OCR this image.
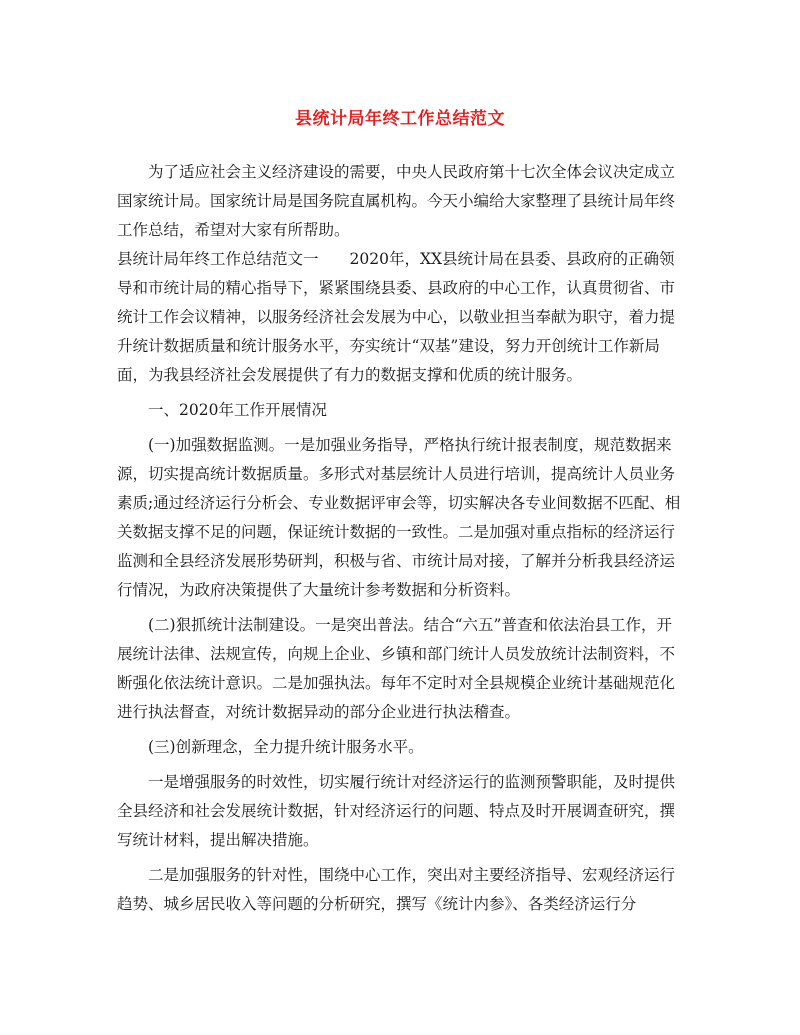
县统计局年终工作总结范文

为了适应社会主义经济建设的需要，中央人民政府第十七次全体会议决定成立国家统计局。国家统计局是国务院直属机构。今天小编给大家整理了县统计局年终工作总结，希望对大家有所帮助。

县统计局年终工作总结范文一　　2020年，XX县统计局在县委、县政府的正确领导和市统计局的精心指导下，紧紧围绕县委、县政府的中心工作，认真贯彻省、市统计工作会议精神，以服务经济社会发展为中心，以敬业担当奉献为职守，着力提升统计数据质量和统计服务水平，夯实统计“双基”建设，努力开创统计工作新局面，为我县经济社会发展提供了有力的数据支撑和优质的统计服务。

一、2020年工作开展情况

(一)加强数据监测。一是加强业务指导，严格执行统计报表制度，规范数据来源，切实提高统计数据质量。多形式对基层统计人员进行培训，提高统计人员业务素质;通过经济运行分析会、专业数据评审会等，切实解决各专业间数据不匹配、相关数据支撑不足的问题，保证统计数据的一致性。二是加强对重点指标的经济运行监测和全县经济发展形势研判，积极与省、市统计局对接，了解并分析我县经济运行情况，为政府决策提供了大量统计参考数据和分析资料。

(二)狠抓统计法制建设。一是突出普法。结合“六五”普查和依法治县工作，开展统计法律、法规宣传，向规上企业、乡镇和部门统计人员发放统计法制资料，不断强化依法统计意识。二是加强执法。每年不定时对全县规模企业统计基础规范化进行执法督查，对统计数据异动的部分企业进行执法稽查。

(三)创新理念，全力提升统计服务水平。

一是增强服务的时效性，切实履行统计对经济运行的监测预警职能，及时提供全县经济和社会发展统计数据，针对经济运行的问题、特点及时开展调查研究，撰写统计材料，提出解决措施。

二是加强服务的针对性，围绕中心工作，突出对主要经济指导、宏观经济运行趋势、城乡居民收入等问题的分析研究，撰写《统计内参》、各类经济运行分
